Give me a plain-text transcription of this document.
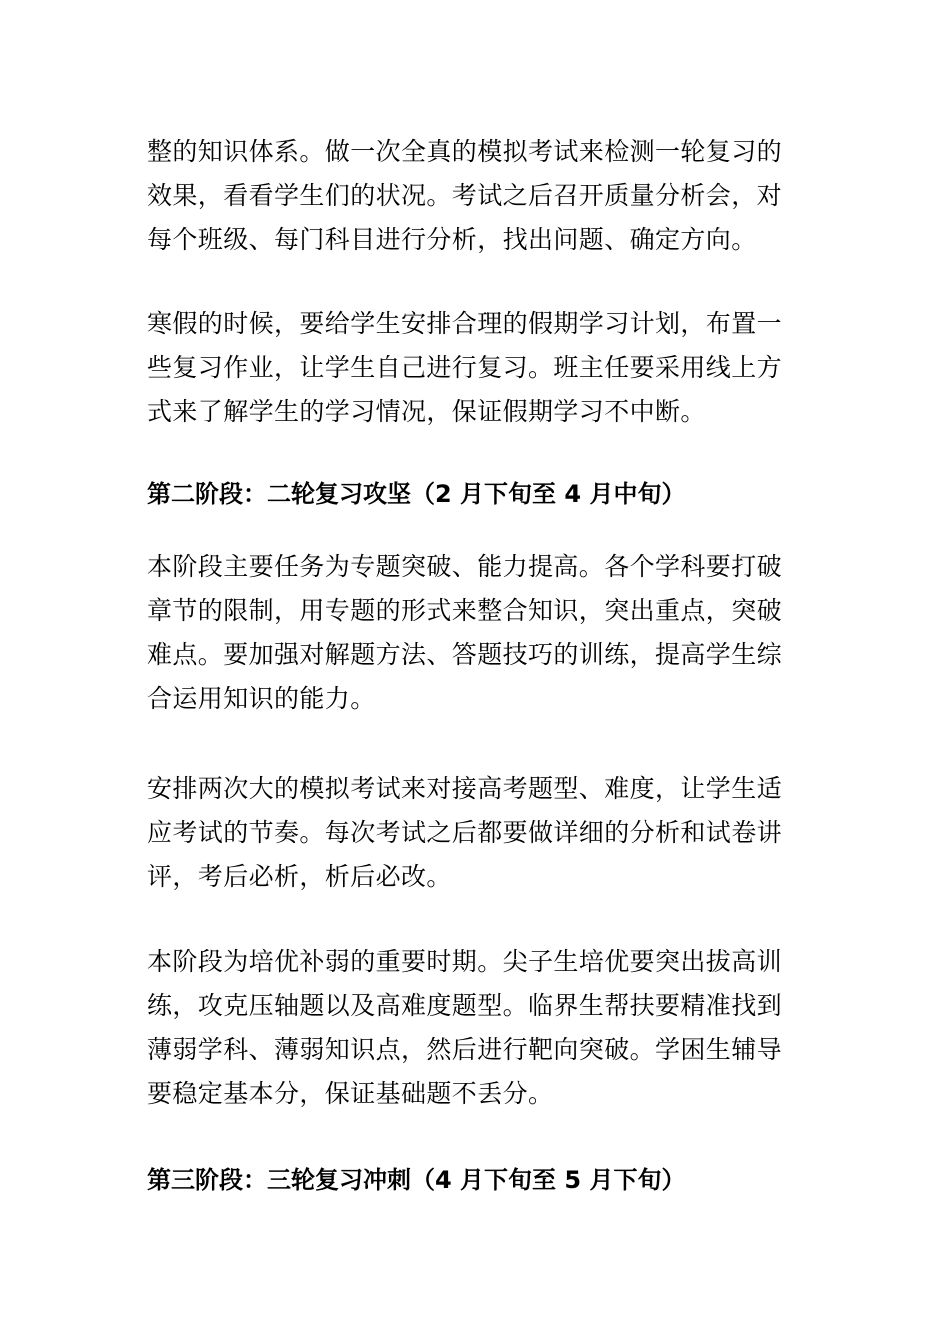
整的知识体系。做一次全真的模拟考试来检测一轮复习的
效果，看看学生们的状况。考试之后召开质量分析会，对
每个班级、每门科目进行分析，找出问题、确定方向。

寒假的时候，要给学生安排合理的假期学习计划，布置一
些复习作业，让学生自己进行复习。班主任要采用线上方
式来了解学生的学习情况，保证假期学习不中断。

第二阶段：二轮复习攻坚（2 月下旬至 4 月中旬）

本阶段主要任务为专题突破、能力提高。各个学科要打破
章节的限制，用专题的形式来整合知识，突出重点，突破
难点。要加强对解题方法、答题技巧的训练，提高学生综
合运用知识的能力。

安排两次大的模拟考试来对接高考题型、难度，让学生适
应考试的节奏。每次考试之后都要做详细的分析和试卷讲
评，考后必析，析后必改。

本阶段为培优补弱的重要时期。尖子生培优要突出拔高训
练，攻克压轴题以及高难度题型。临界生帮扶要精准找到
薄弱学科、薄弱知识点，然后进行靶向突破。学困生辅导
要稳定基本分，保证基础题不丢分。

第三阶段：三轮复习冲刺（4 月下旬至 5 月下旬）
